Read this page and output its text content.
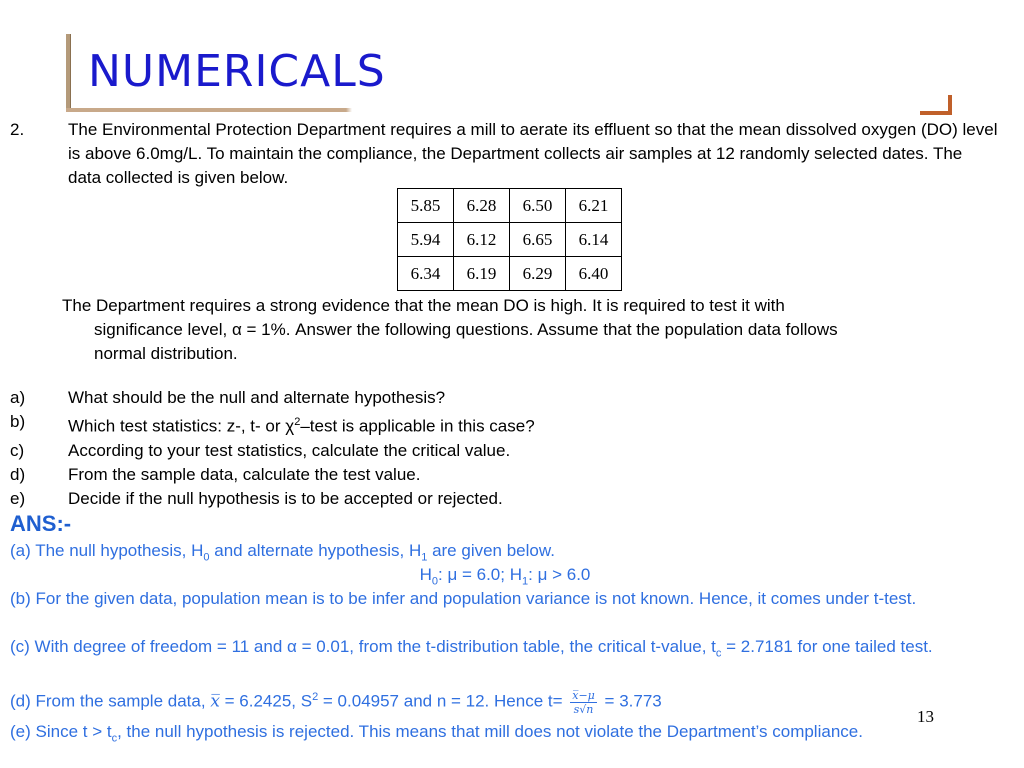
NUMERICALS
2.	The Environmental Protection Department requires a mill to aerate its effluent so that the mean dissolved oxygen (DO) level is above 6.0mg/L. To maintain the compliance, the Department collects air samples at 12 randomly selected dates. The data collected is given below.
5.85	6.28	6.50	6.21
5.94	6.12	6.65	6.14
6.34	6.19	6.29	6.40
The Department requires a strong evidence that the mean DO is high. It is required to test it with
significance level, α = 1%. Answer the following questions. Assume that the population data follows
normal distribution.
a)	What should be the null and alternate hypothesis?
b)	Which test statistics: z-, t- or $\chi^2$–test is applicable in this case?
c)	According to your test statistics, calculate the critical value.
d)	From the sample data, calculate the test value.
e)	Decide if the null hypothesis is to be accepted or rejected.
ANS:-
(a) The null hypothesis, $H_0$ and alternate hypothesis, $H_1$ are given below.
$H_0$: μ = 6.0; $H_1$: μ > 6.0
(b) For the given data, population mean is to be infer and population variance is not known. Hence, it comes under t-test.
(c) With degree of freedom = 11 and α = 0.01, from the t-distribution table, the critical t-value, $t_c = 2.7181$ for one tailed test.
(d) From the sample data, 𝑥̅ = 6.2425, $S^2 = 0.04957$ and n = 12. Hence $t= \frac{\text{𝑥̅−𝜇}}{\text{𝑠√𝑛}} = 3.773$
(e) Since $t > t_c$, the null hypothesis is rejected. This means that mill does not violate the Department’s compliance.
13
